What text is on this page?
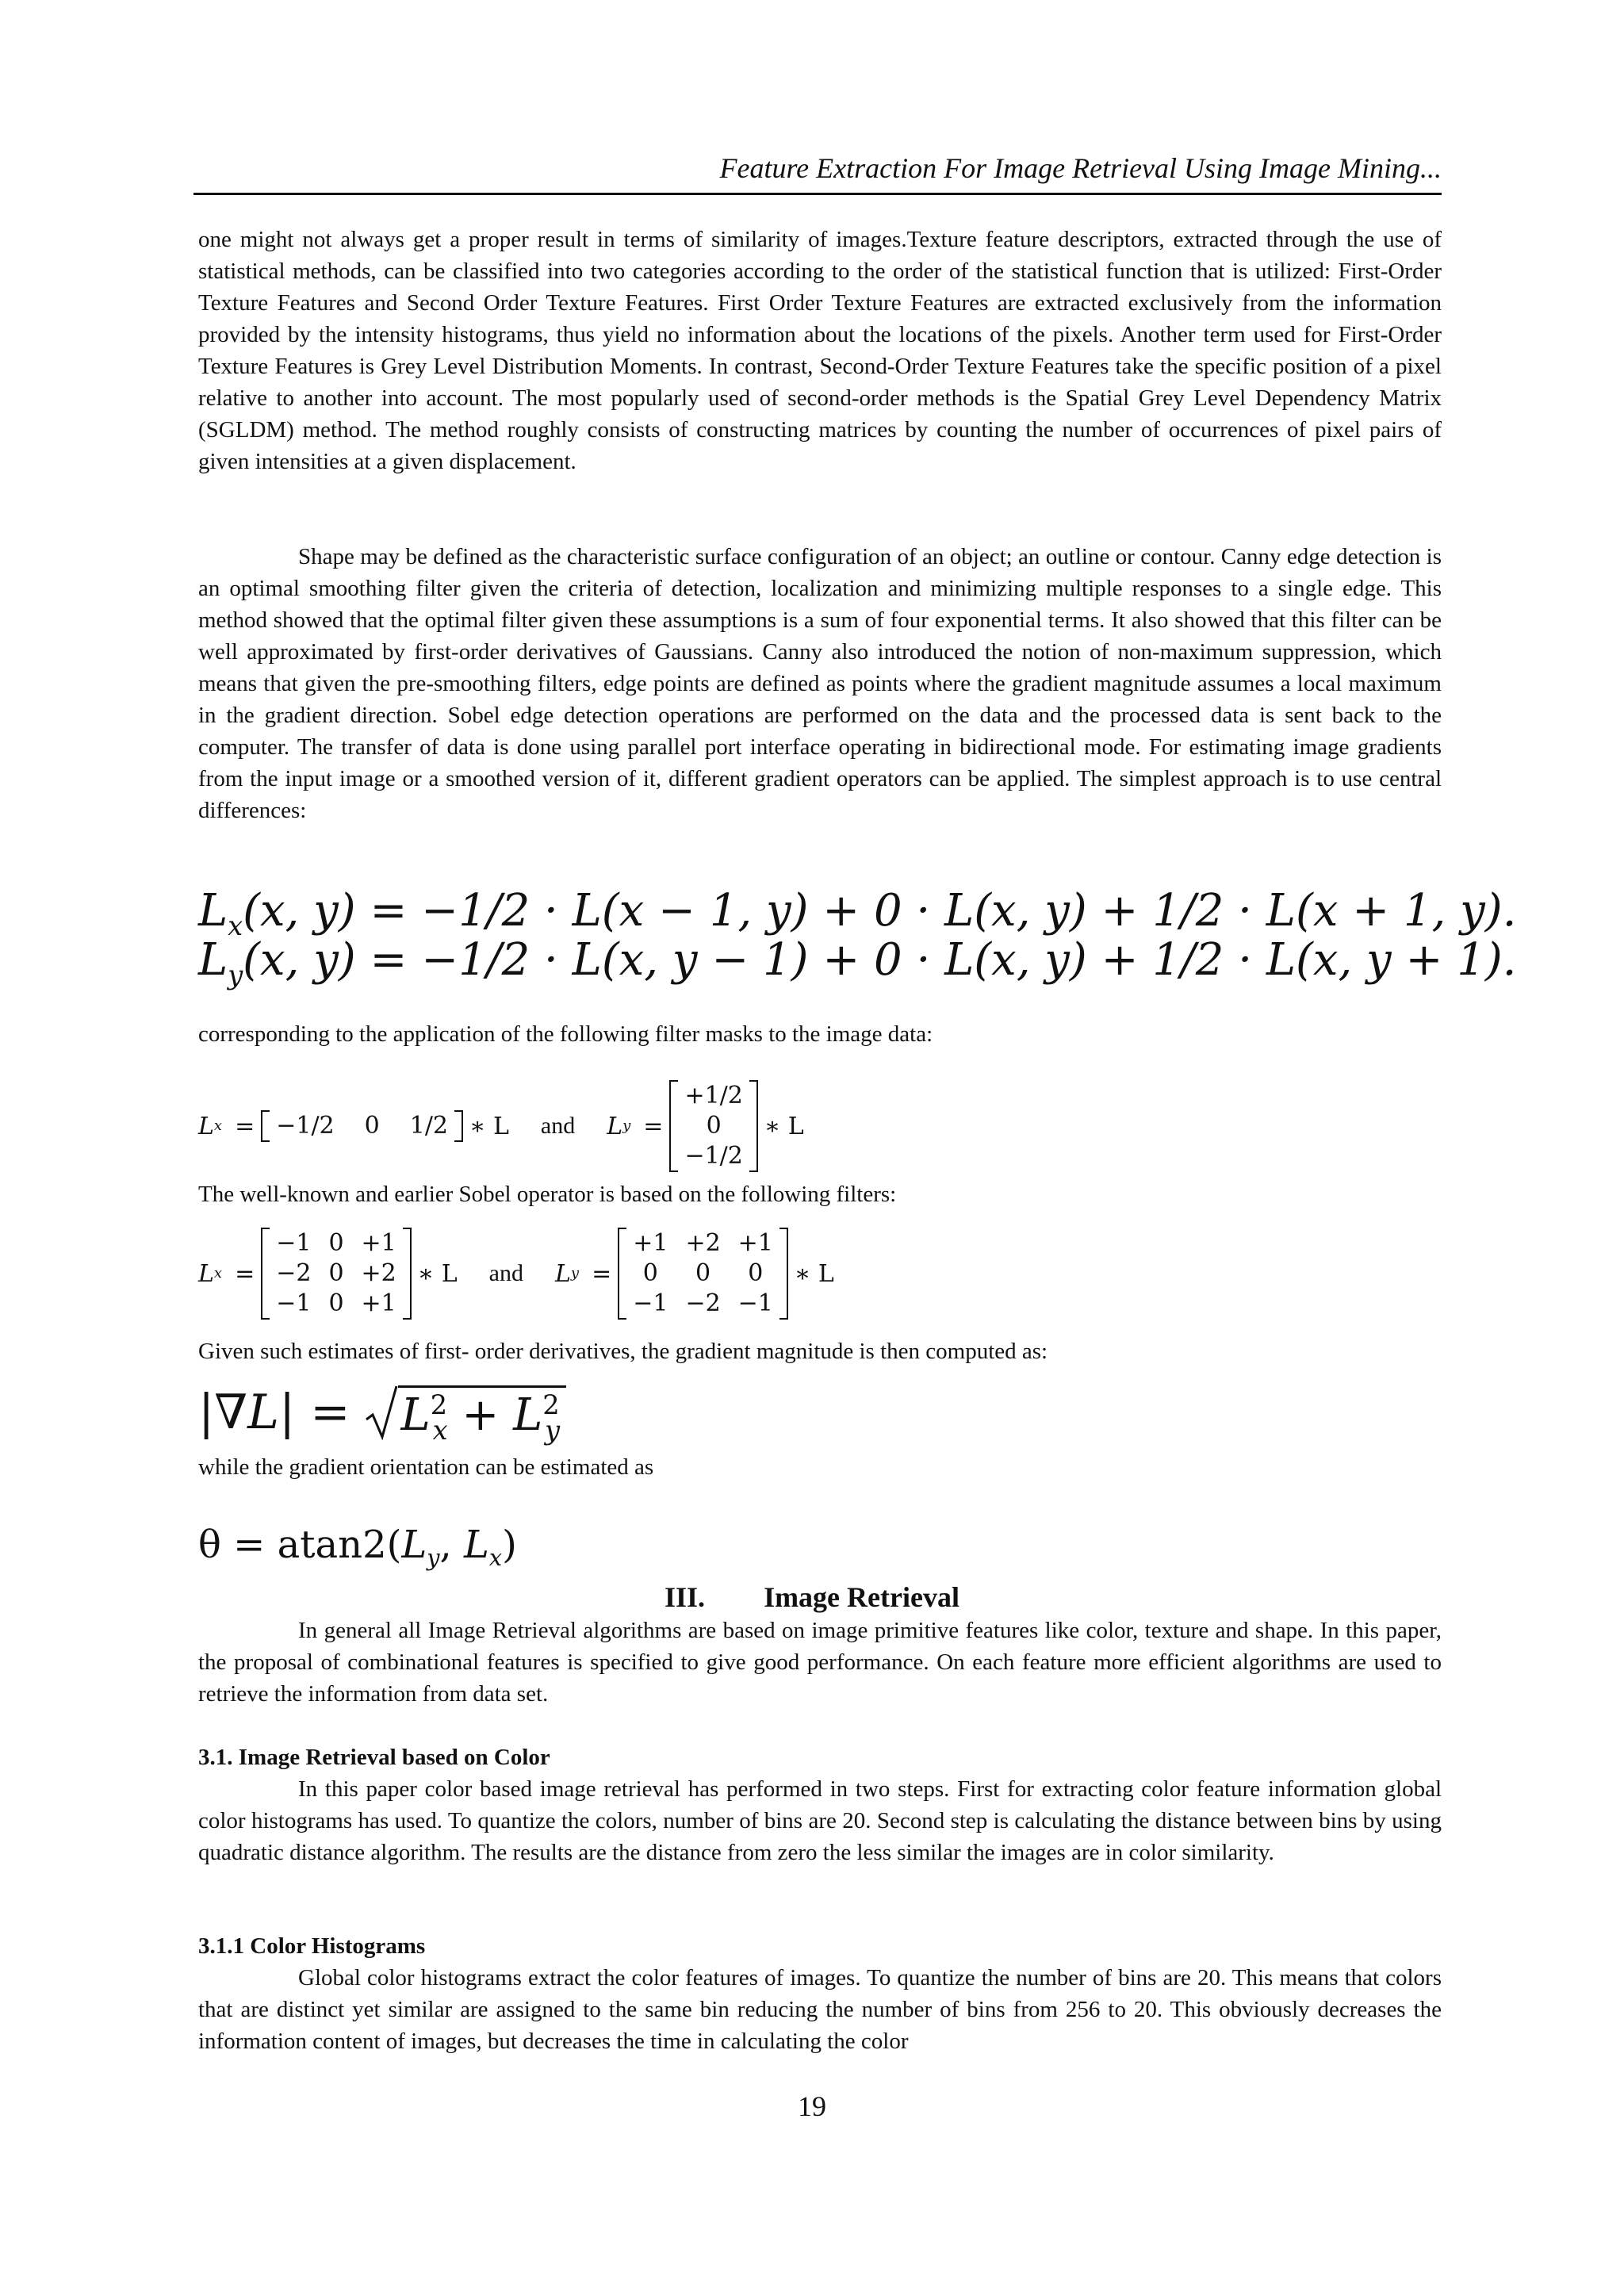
Feature Extraction For Image Retrieval Using Image Mining...

one might not always get a proper result in terms of similarity of images.Texture feature descriptors, extracted through the use of statistical methods, can be classified into two categories according to the order of the statistical function that is utilized: First-Order Texture Features and Second Order Texture Features. First Order Texture Features are extracted exclusively from the information provided by the intensity histograms, thus yield no information about the locations of the pixels. Another term used for First-Order Texture Features is Grey Level Distribution Moments. In contrast, Second-Order Texture Features take the specific position of a pixel relative to another into account. The most popularly used of second-order methods is the Spatial Grey Level Dependency Matrix (SGLDM) method. The method roughly consists of constructing matrices by counting the number of occurrences of pixel pairs of given intensities at a given displacement.

Shape may be defined as the characteristic surface configuration of an object; an outline or contour. Canny edge detection is an optimal smoothing filter given the criteria of detection, localization and minimizing multiple responses to a single edge. This method showed that the optimal filter given these assumptions is a sum of four exponential terms. It also showed that this filter can be well approximated by first-order derivatives of Gaussians. Canny also introduced the notion of non-maximum suppression, which means that given the pre-smoothing filters, edge points are defined as points where the gradient magnitude assumes a local maximum in the gradient direction. Sobel edge detection operations are performed on the data and the processed data is sent back to the computer. The transfer of data is done using parallel port interface operating in bidirectional mode. For estimating image gradients from the input image or a smoothed version of it, different gradient operators can be applied. The simplest approach is to use central differences:

$L_x(x$, y) = −1/2 · L(x − 1, y) + 0 · L(x, y) + 1/2 · L(x + 1, y).
$L_y(x$, y) = −1/2 · L(x, y − 1) + 0 · L(x, y) + 1/2 · L(x, y + 1).

corresponding to the application of the following filter masks to the image data:

L x = −1/2 0 1/2 ∗ L and L y =
+1/2
0
−1/2
∗ L

The well-known and earlier Sobel operator is based on the following filters:

L x =
−1 0 +1
−2 0 +2
−1 0 +1
∗ L and L y =
+1 +2 +1
0	0	0
−1 −2 −1
∗ L

Given such estimates of first- order derivatives, the gradient magnitude is then computed as:

$|\nabla L| = L^2_x + L^2_y$

while the gradient orientation can be estimated as

$\theta = atan2(L_y$, $L_x$)
III. Image Retrieval

In general all Image Retrieval algorithms are based on image primitive features like color, texture and shape. In this paper, the proposal of combinational features is specified to give good performance. On each feature more efficient algorithms are used to retrieve the information from data set.

3.1. Image Retrieval based on Color

In this paper color based image retrieval has performed in two steps. First for extracting color feature information global color histograms has used. To quantize the colors, number of bins are 20. Second step is calculating the distance between bins by using quadratic distance algorithm. The results are the distance from zero the less similar the images are in color similarity.

3.1.1 Color Histograms

Global color histograms extract the color features of images. To quantize the number of bins are 20. This means that colors that are distinct yet similar are assigned to the same bin reducing the number of bins from 256 to 20. This obviously decreases the information content of images, but decreases the time in calculating the color

19
